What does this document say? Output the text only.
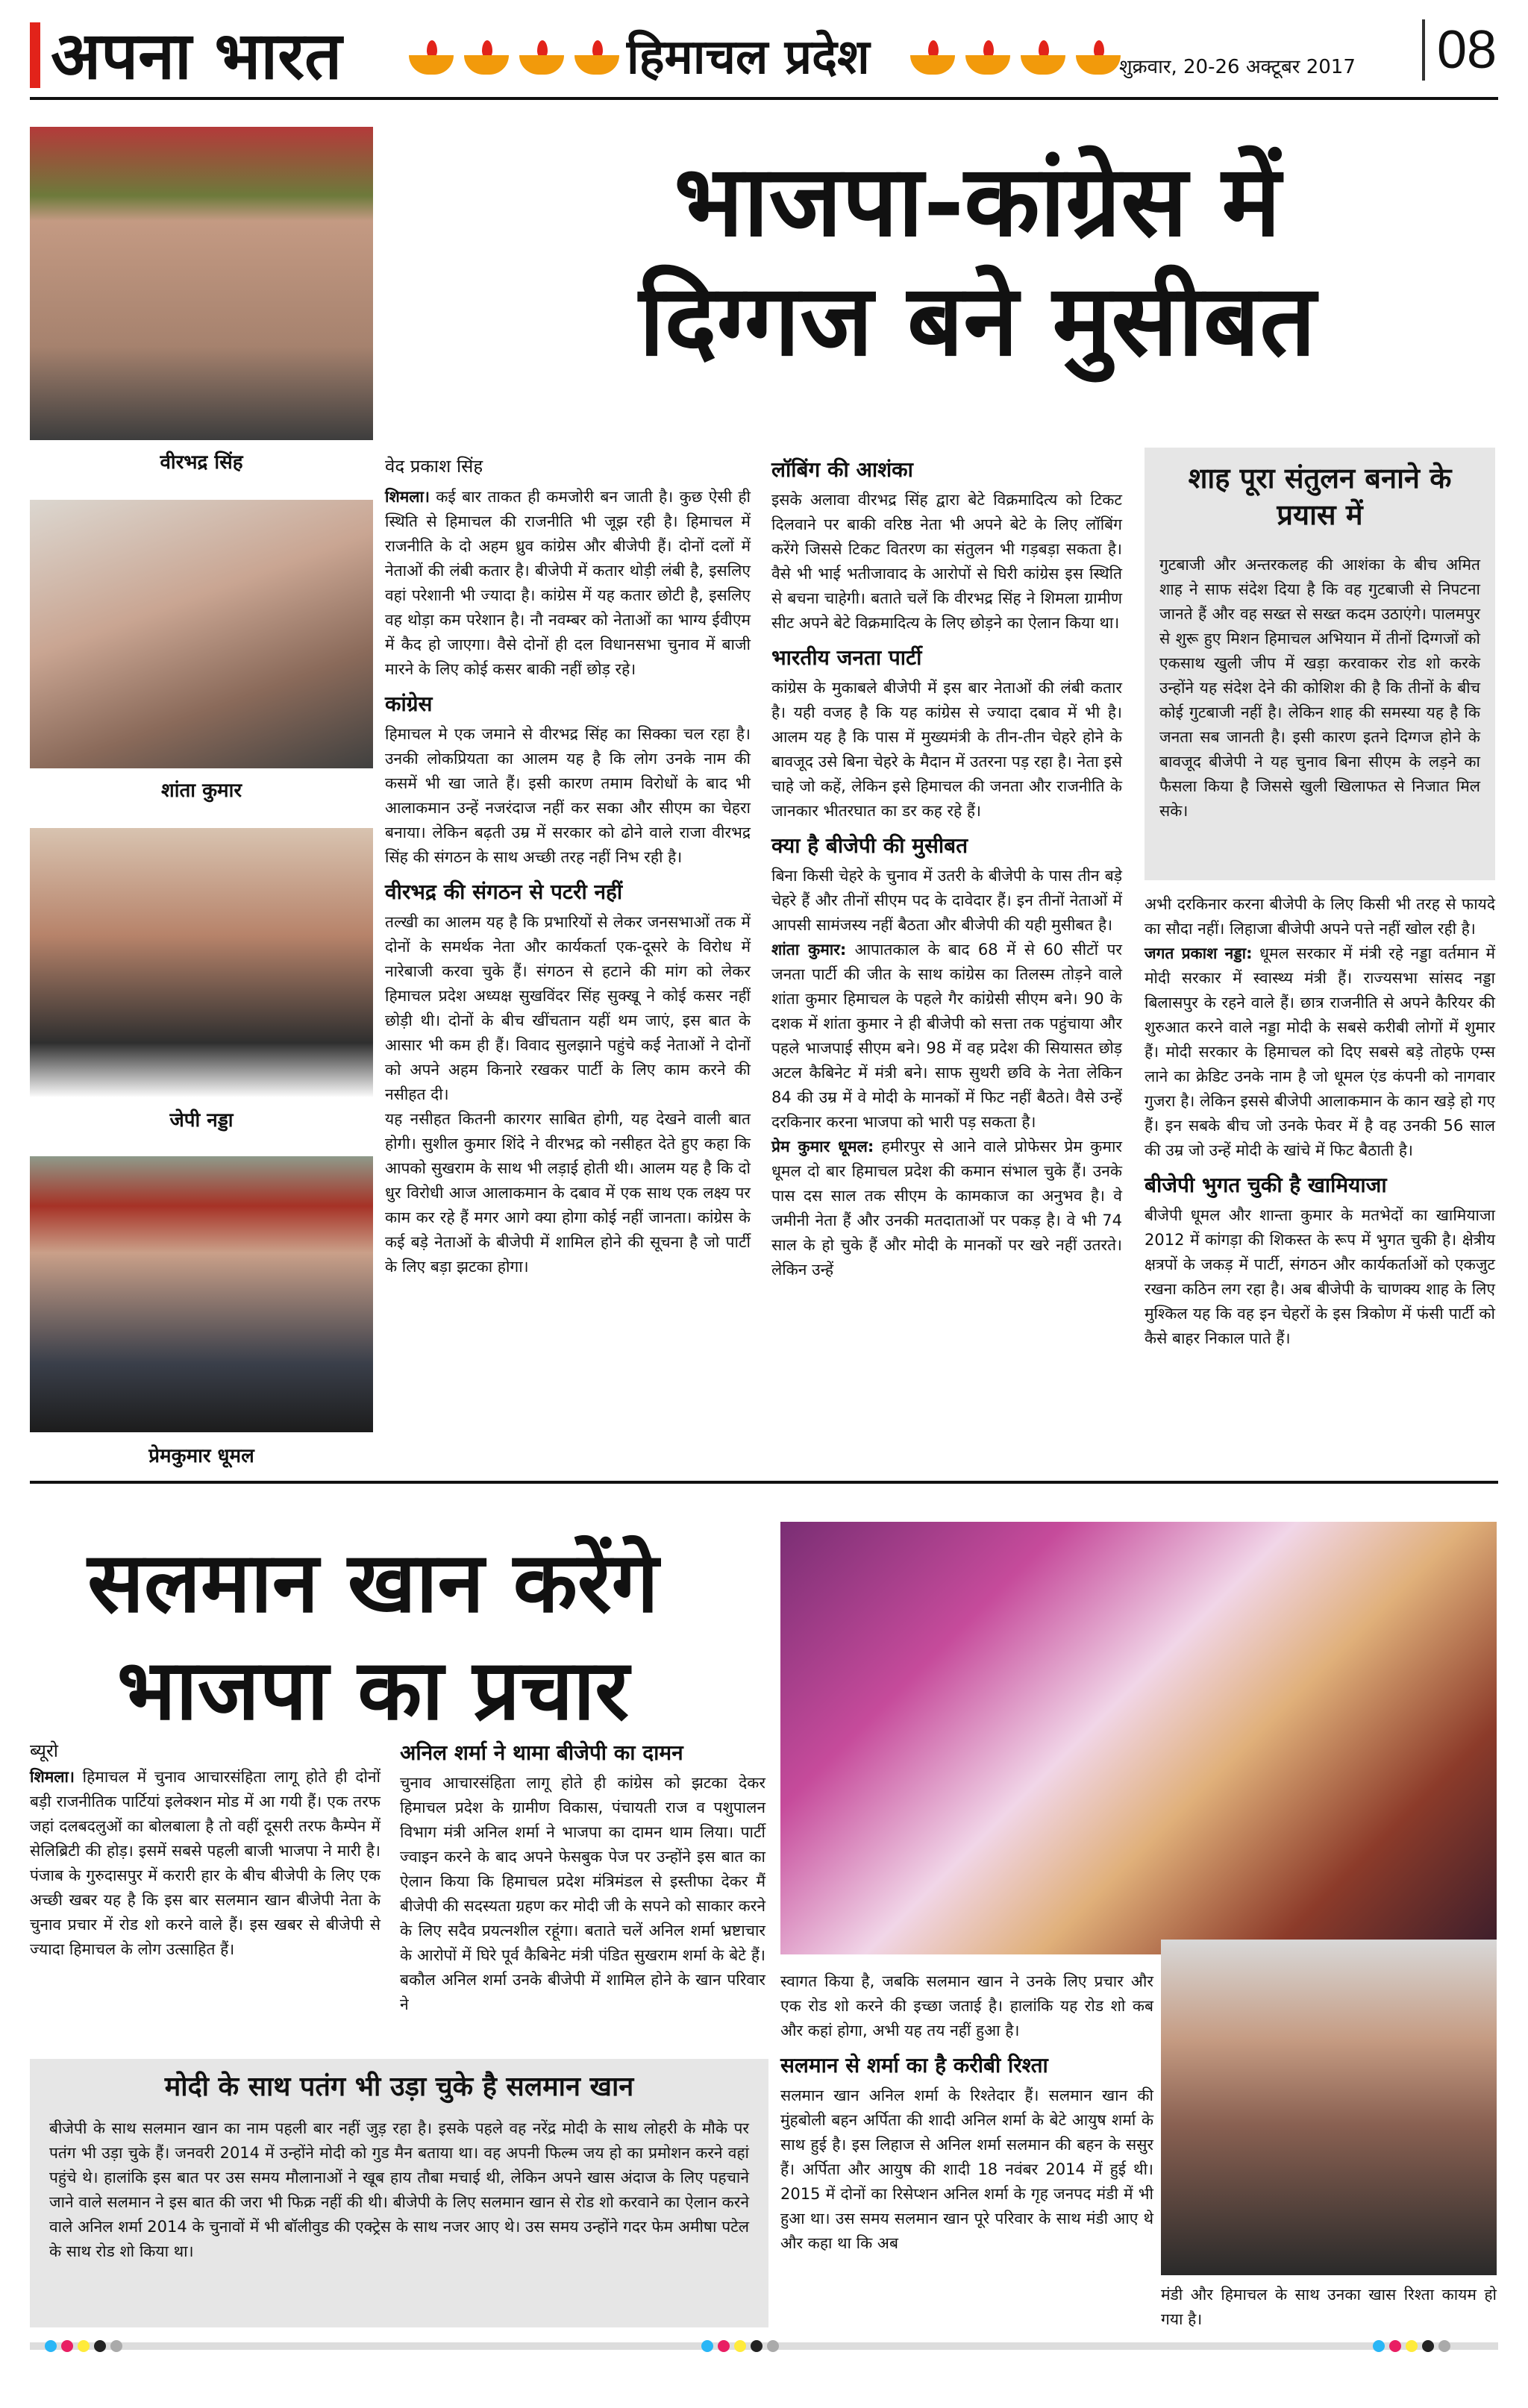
अपना भारत	हिमाचल प्रदेश	शुक्रवार, 20-26 अक्टूबर 2017 08
वीरभद्र सिंह
शांता कुमार
जेपी नड्डा
प्रेमकुमार धूमल
भाजपा-कांग्रेस में
दिग्गज बने मुसीबत
वेद प्रकाश सिंह
शिमला। कई बार ताकत ही कमजोरी बन जाती है। कुछ ऐसी ही स्थिति से हिमाचल की राजनीति भी जूझ रही है। हिमाचल में राजनीति के दो अहम ध्रुव कांग्रेस और बीजेपी हैं। दोनों दलों में नेताओं की लंबी कतार है। बीजेपी में कतार थोड़ी लंबी है, इसलिए वहां परेशानी भी ज्यादा है। कांग्रेस में यह कतार छोटी है, इसलिए वह थोड़ा कम परेशान है। नौ नवम्बर को नेताओं का भाग्य ईवीएम में कैद हो जाएगा। वैसे दोनों ही दल विधानसभा चुनाव में बाजी मारने के लिए कोई कसर बाकी नहीं छोड़ रहे।
कांग्रेस
हिमाचल मे एक जमाने से वीरभद्र सिंह का सिक्का चल रहा है। उनकी लोकप्रियता का आलम यह है कि लोग उनके नाम की कसमें भी खा जाते हैं। इसी कारण तमाम विरोधों के बाद भी आलाकमान उन्हें नजरंदाज नहीं कर सका और सीएम का चेहरा बनाया। लेकिन बढ़ती उम्र में सरकार को ढोने वाले राजा वीरभद्र सिंह की संगठन के साथ अच्छी तरह नहीं निभ रही है।
वीरभद्र की संगठन से पटरी नहीं
तल्खी का आलम यह है कि प्रभारियों से लेकर जनसभाओं तक में दोनों के समर्थक नेता और कार्यकर्ता एक-दूसरे के विरोध में नारेबाजी करवा चुके हैं। संगठन से हटाने की मांग को लेकर हिमाचल प्रदेश अध्यक्ष सुखविंदर सिंह सुक्खू ने कोई कसर नहीं छोड़ी थी। दोनों के बीच खींचतान यहीं थम जाएं, इस बात के आसार भी कम ही हैं। विवाद सुलझाने पहुंचे कई नेताओं ने दोनों को अपने अहम किनारे रखकर पार्टी के लिए काम करने की नसीहत दी।
यह नसीहत कितनी कारगर साबित होगी, यह देखने वाली बात होगी। सुशील कुमार शिंदे ने वीरभद्र को नसीहत देते हुए कहा कि आपको सुखराम के साथ भी लड़ाई होती थी। आलम यह है कि दो धुर विरोधी आज आलाकमान के दबाव में एक साथ एक लक्ष्य पर काम कर रहे हैं मगर आगे क्या होगा कोई नहीं जानता। कांग्रेस के कई बड़े नेताओं के बीजेपी में शामिल होने की सूचना है जो पार्टी के लिए बड़ा झटका होगा।
लॉबिंग की आशंका
इसके अलावा वीरभद्र सिंह द्वारा बेटे विक्रमादित्य को टिकट दिलवाने पर बाकी वरिष्ठ नेता भी अपने बेटे के लिए लॉबिंग करेंगे जिससे टिकट वितरण का संतुलन भी गड़बड़ा सकता है। वैसे भी भाई भतीजावाद के आरोपों से घिरी कांग्रेस इस स्थिति से बचना चाहेगी। बताते चलें कि वीरभद्र सिंह ने शिमला ग्रामीण सीट अपने बेटे विक्रमादित्य के लिए छोड़ने का ऐलान किया था।
भारतीय जनता पार्टी
कांग्रेस के मुकाबले बीजेपी में इस बार नेताओं की लंबी कतार है। यही वजह है कि यह कांग्रेस से ज्यादा दबाव में भी है। आलम यह है कि पास में मुख्यमंत्री के तीन-तीन चेहरे होने के बावजूद उसे बिना चेहरे के मैदान में उतरना पड़ रहा है। नेता इसे चाहे जो कहें, लेकिन इसे हिमाचल की जनता और राजनीति के जानकार भीतरघात का डर कह रहे हैं।
क्या है बीजेपी की मुसीबत
बिना किसी चेहरे के चुनाव में उतरी के बीजेपी के पास तीन बड़े चेहरे हैं और तीनों सीएम पद के दावेदार हैं। इन तीनों नेताओं में आपसी सामंजस्य नहीं बैठता और बीजेपी की यही मुसीबत है।
शांता कुमार: आपातकाल के बाद 68 में से 60 सीटों पर जनता पार्टी की जीत के साथ कांग्रेस का तिलस्म तोड़ने वाले शांता कुमार हिमाचल के पहले गैर कांग्रेसी सीएम बने। 90 के दशक में शांता कुमार ने ही बीजेपी को सत्ता तक पहुंचाया और पहले भाजपाई सीएम बने। 98 में वह प्रदेश की सियासत छोड़ अटल कैबिनेट में मंत्री बने। साफ सुथरी छवि के नेता लेकिन 84 की उम्र में वे मोदी के मानकों में फिट नहीं बैठते। वैसे उन्हें दरकिनार करना भाजपा को भारी पड़ सकता है।
प्रेम कुमार धूमल: हमीरपुर से आने वाले प्रोफेसर प्रेम कुमार धूमल दो बार हिमाचल प्रदेश की कमान संभाल चुके हैं। उनके पास दस साल तक सीएम के कामकाज का अनुभव है। वे जमीनी नेता हैं और उनकी मतदाताओं पर पकड़ है। वे भी 74 साल के हो चुके हैं और मोदी के मानकों पर खरे नहीं उतरते। लेकिन उन्हें
शाह पूरा संतुलन बनाने के प्रयास में
गुटबाजी और अन्तरकलह की आशंका के बीच अमित शाह ने साफ संदेश दिया है कि वह गुटबाजी से निपटना जानते हैं और वह सख्त से सख्त कदम उठाएंगे। पालमपुर से शुरू हुए मिशन हिमाचल अभियान में तीनों दिग्गजों को एकसाथ खुली जीप में खड़ा करवाकर रोड शो करके उन्होंने यह संदेश देने की कोशिश की है कि तीनों के बीच कोई गुटबाजी नहीं है। लेकिन शाह की समस्या यह है कि जनता सब जानती है। इसी कारण इतने दिग्गज होने के बावजूद बीजेपी ने यह चुनाव बिना सीएम के लड़ने का फैसला किया है जिससे खुली खिलाफत से निजात मिल सके।
अभी दरकिनार करना बीजेपी के लिए किसी भी तरह से फायदे का सौदा नहीं। लिहाजा बीजेपी अपने पत्ते नहीं खोल रही है।
जगत प्रकाश नड्डा: धूमल सरकार में मंत्री रहे नड्डा वर्तमान में मोदी सरकार में स्वास्थ्य मंत्री हैं। राज्यसभा सांसद नड्डा बिलासपुर के रहने वाले हैं। छात्र राजनीति से अपने कैरियर की शुरुआत करने वाले नड्डा मोदी के सबसे करीबी लोगों में शुमार हैं। मोदी सरकार के हिमाचल को दिए सबसे बड़े तोहफे एम्स लाने का क्रेडिट उनके नाम है जो धूमल एंड कंपनी को नागवार गुजरा है। लेकिन इससे बीजेपी आलाकमान के कान खड़े हो गए हैं। इन सबके बीच जो उनके फेवर में है वह उनकी 56 साल की उम्र जो उन्हें मोदी के खांचे में फिट बैठाती है।
बीजेपी भुगत चुकी है खामियाजा
बीजेपी धूमल और शान्ता कुमार के मतभेदों का खामियाजा 2012 में कांगड़ा की शिकस्त के रूप में भुगत चुकी है। क्षेत्रीय क्षत्रपों के जकड़ में पार्टी, संगठन और कार्यकर्ताओं को एकजुट रखना कठिन लग रहा है। अब बीजेपी के चाणक्य शाह के लिए मुश्किल यह कि वह इन चेहरों के इस त्रिकोण में फंसी पार्टी को कैसे बाहर निकाल पाते हैं।
सलमान खान करेंगे
भाजपा का प्रचार
ब्यूरो
शिमला। हिमाचल में चुनाव आचारसंहिता लागू होते ही दोनों बड़ी राजनीतिक पार्टियां इलेक्शन मोड में आ गयी हैं। एक तरफ जहां दलबदलुओं का बोलबाला है तो वहीं दूसरी तरफ कैम्पेन में सेलिब्रिटी की होड़। इसमें सबसे पहली बाजी भाजपा ने मारी है। पंजाब के गुरुदासपुर में करारी हार के बीच बीजेपी के लिए एक अच्छी खबर यह है कि इस बार सलमान खान बीजेपी नेता के चुनाव प्रचार में रोड शो करने वाले हैं। इस खबर से बीजेपी से ज्यादा हिमाचल के लोग उत्साहित हैं।
अनिल शर्मा ने थामा बीजेपी का दामन
चुनाव आचारसंहिता लागू होते ही कांग्रेस को झटका देकर हिमाचल प्रदेश के ग्रामीण विकास, पंचायती राज व पशुपालन विभाग मंत्री अनिल शर्मा ने भाजपा का दामन थाम लिया। पार्टी ज्वाइन करने के बाद अपने फेसबुक पेज पर उन्होंने इस बात का ऐलान किया कि हिमाचल प्रदेश मंत्रिमंडल से इस्तीफा देकर मैं बीजेपी की सदस्यता ग्रहण कर मोदी जी के सपने को साकार करने के लिए सदैव प्रयत्नशील रहूंगा। बताते चलें अनिल शर्मा भ्रष्टाचार के आरोपों में घिरे पूर्व कैबिनेट मंत्री पंडित सुखराम शर्मा के बेटे हैं। बकौल अनिल शर्मा उनके बीजेपी में शामिल होने के खान परिवार ने
मोदी के साथ पतंग भी उड़ा चुके है सलमान खान
बीजेपी के साथ सलमान खान का नाम पहली बार नहीं जुड़ रहा है। इसके पहले वह नरेंद्र मोदी के साथ लोहरी के मौके पर पतंग भी उड़ा चुके हैं। जनवरी 2014 में उन्होंने मोदी को गुड मैन बताया था। वह अपनी फिल्म जय हो का प्रमोशन करने वहां पहुंचे थे। हालांकि इस बात पर उस समय मौलानाओं ने खूब हाय तौबा मचाई थी, लेकिन अपने खास अंदाज के लिए पहचाने जाने वाले सलमान ने इस बात की जरा भी फिक्र नहीं की थी। बीजेपी के लिए सलमान खान से रोड शो करवाने का ऐलान करने वाले अनिल शर्मा 2014 के चुनावों में भी बॉलीवुड की एक्ट्रेस के साथ नजर आए थे। उस समय उन्होंने गदर फेम अमीषा पटेल के साथ रोड शो किया था।
स्वागत किया है, जबकि सलमान खान ने उनके लिए प्रचार और एक रोड शो करने की इच्छा जताई है। हालांकि यह रोड शो कब और कहां होगा, अभी यह तय नहीं हुआ है।
सलमान से शर्मा का है करीबी रिश्ता
सलमान खान अनिल शर्मा के रिश्तेदार हैं। सलमान खान की मुंहबोली बहन अर्पिता की शादी अनिल शर्मा के बेटे आयुष शर्मा के साथ हुई है। इस लिहाज से अनिल शर्मा सलमान की बहन के ससुर हैं। अर्पिता और आयुष की शादी 18 नवंबर 2014 में हुई थी। 2015 में दोनों का रिसेप्शन अनिल शर्मा के गृह जनपद मंडी में भी हुआ था। उस समय सलमान खान पूरे परिवार के साथ मंडी आए थे और कहा था कि अब
मंडी और हिमाचल के साथ उनका खास रिश्ता कायम हो गया है।
